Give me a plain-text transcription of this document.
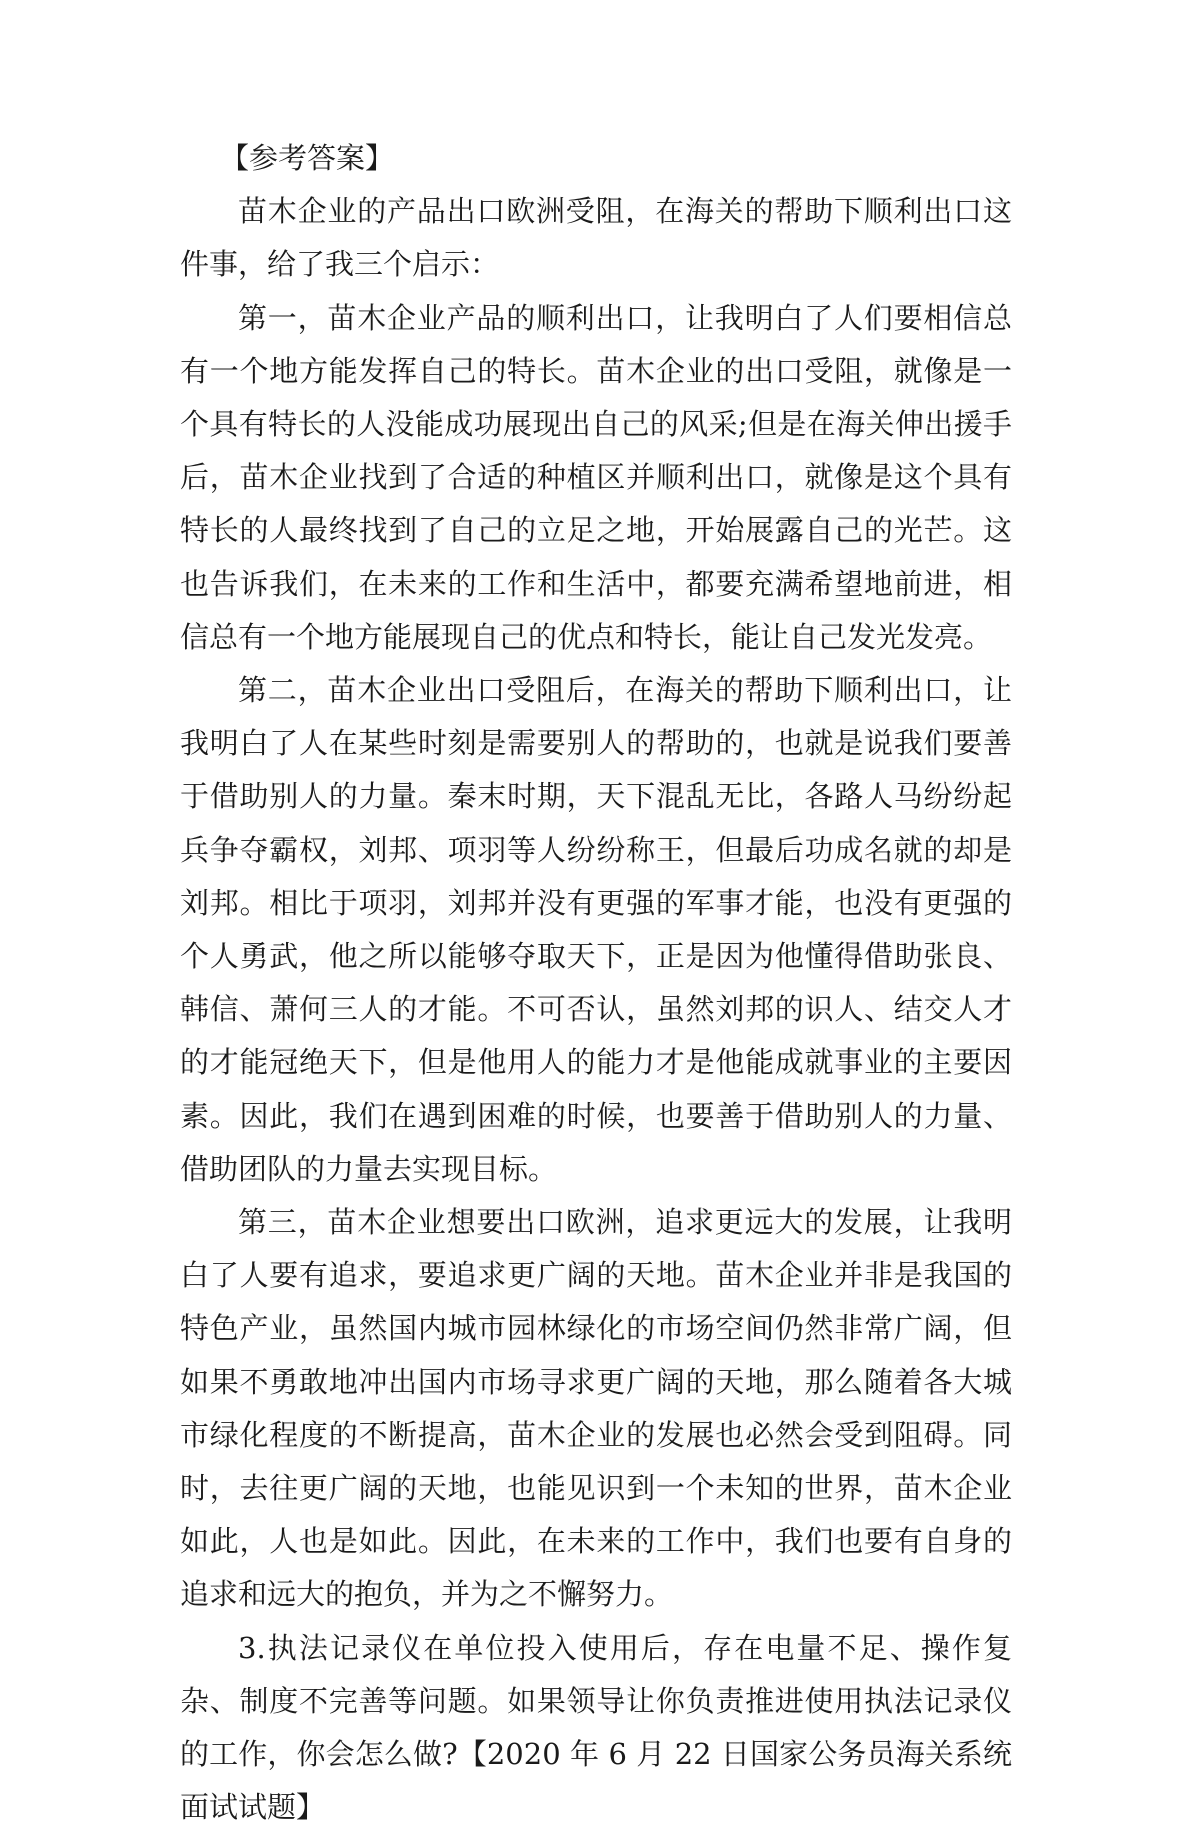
【参考答案】

苗木企业的产品出口欧洲受阻，在海关的帮助下顺利出口这件事，给了我三个启示：

第一，苗木企业产品的顺利出口，让我明白了人们要相信总有一个地方能发挥自己的特长。苗木企业的出口受阻，就像是一个具有特长的人没能成功展现出自己的风采;但是在海关伸出援手后，苗木企业找到了合适的种植区并顺利出口，就像是这个具有特长的人最终找到了自己的立足之地，开始展露自己的光芒。这也告诉我们，在未来的工作和生活中，都要充满希望地前进，相信总有一个地方能展现自己的优点和特长，能让自己发光发亮。

第二，苗木企业出口受阻后，在海关的帮助下顺利出口，让我明白了人在某些时刻是需要别人的帮助的，也就是说我们要善于借助别人的力量。秦末时期，天下混乱无比，各路人马纷纷起兵争夺霸权，刘邦、项羽等人纷纷称王，但最后功成名就的却是刘邦。相比于项羽，刘邦并没有更强的军事才能，也没有更强的个人勇武，他之所以能够夺取天下，正是因为他懂得借助张良、韩信、萧何三人的才能。不可否认，虽然刘邦的识人、结交人才的才能冠绝天下，但是他用人的能力才是他能成就事业的主要因素。因此，我们在遇到困难的时候，也要善于借助别人的力量、借助团队的力量去实现目标。

第三，苗木企业想要出口欧洲，追求更远大的发展，让我明白了人要有追求，要追求更广阔的天地。苗木企业并非是我国的特色产业，虽然国内城市园林绿化的市场空间仍然非常广阔，但如果不勇敢地冲出国内市场寻求更广阔的天地，那么随着各大城市绿化程度的不断提高，苗木企业的发展也必然会受到阻碍。同时，去往更广阔的天地，也能见识到一个未知的世界，苗木企业如此，人也是如此。因此，在未来的工作中，我们也要有自身的追求和远大的抱负，并为之不懈努力。

3.执法记录仪在单位投入使用后，存在电量不足、操作复杂、制度不完善等问题。如果领导让你负责推进使用执法记录仪的工作，你会怎么做?【2020 年 6 月 22 日国家公务员海关系统面试试题】
